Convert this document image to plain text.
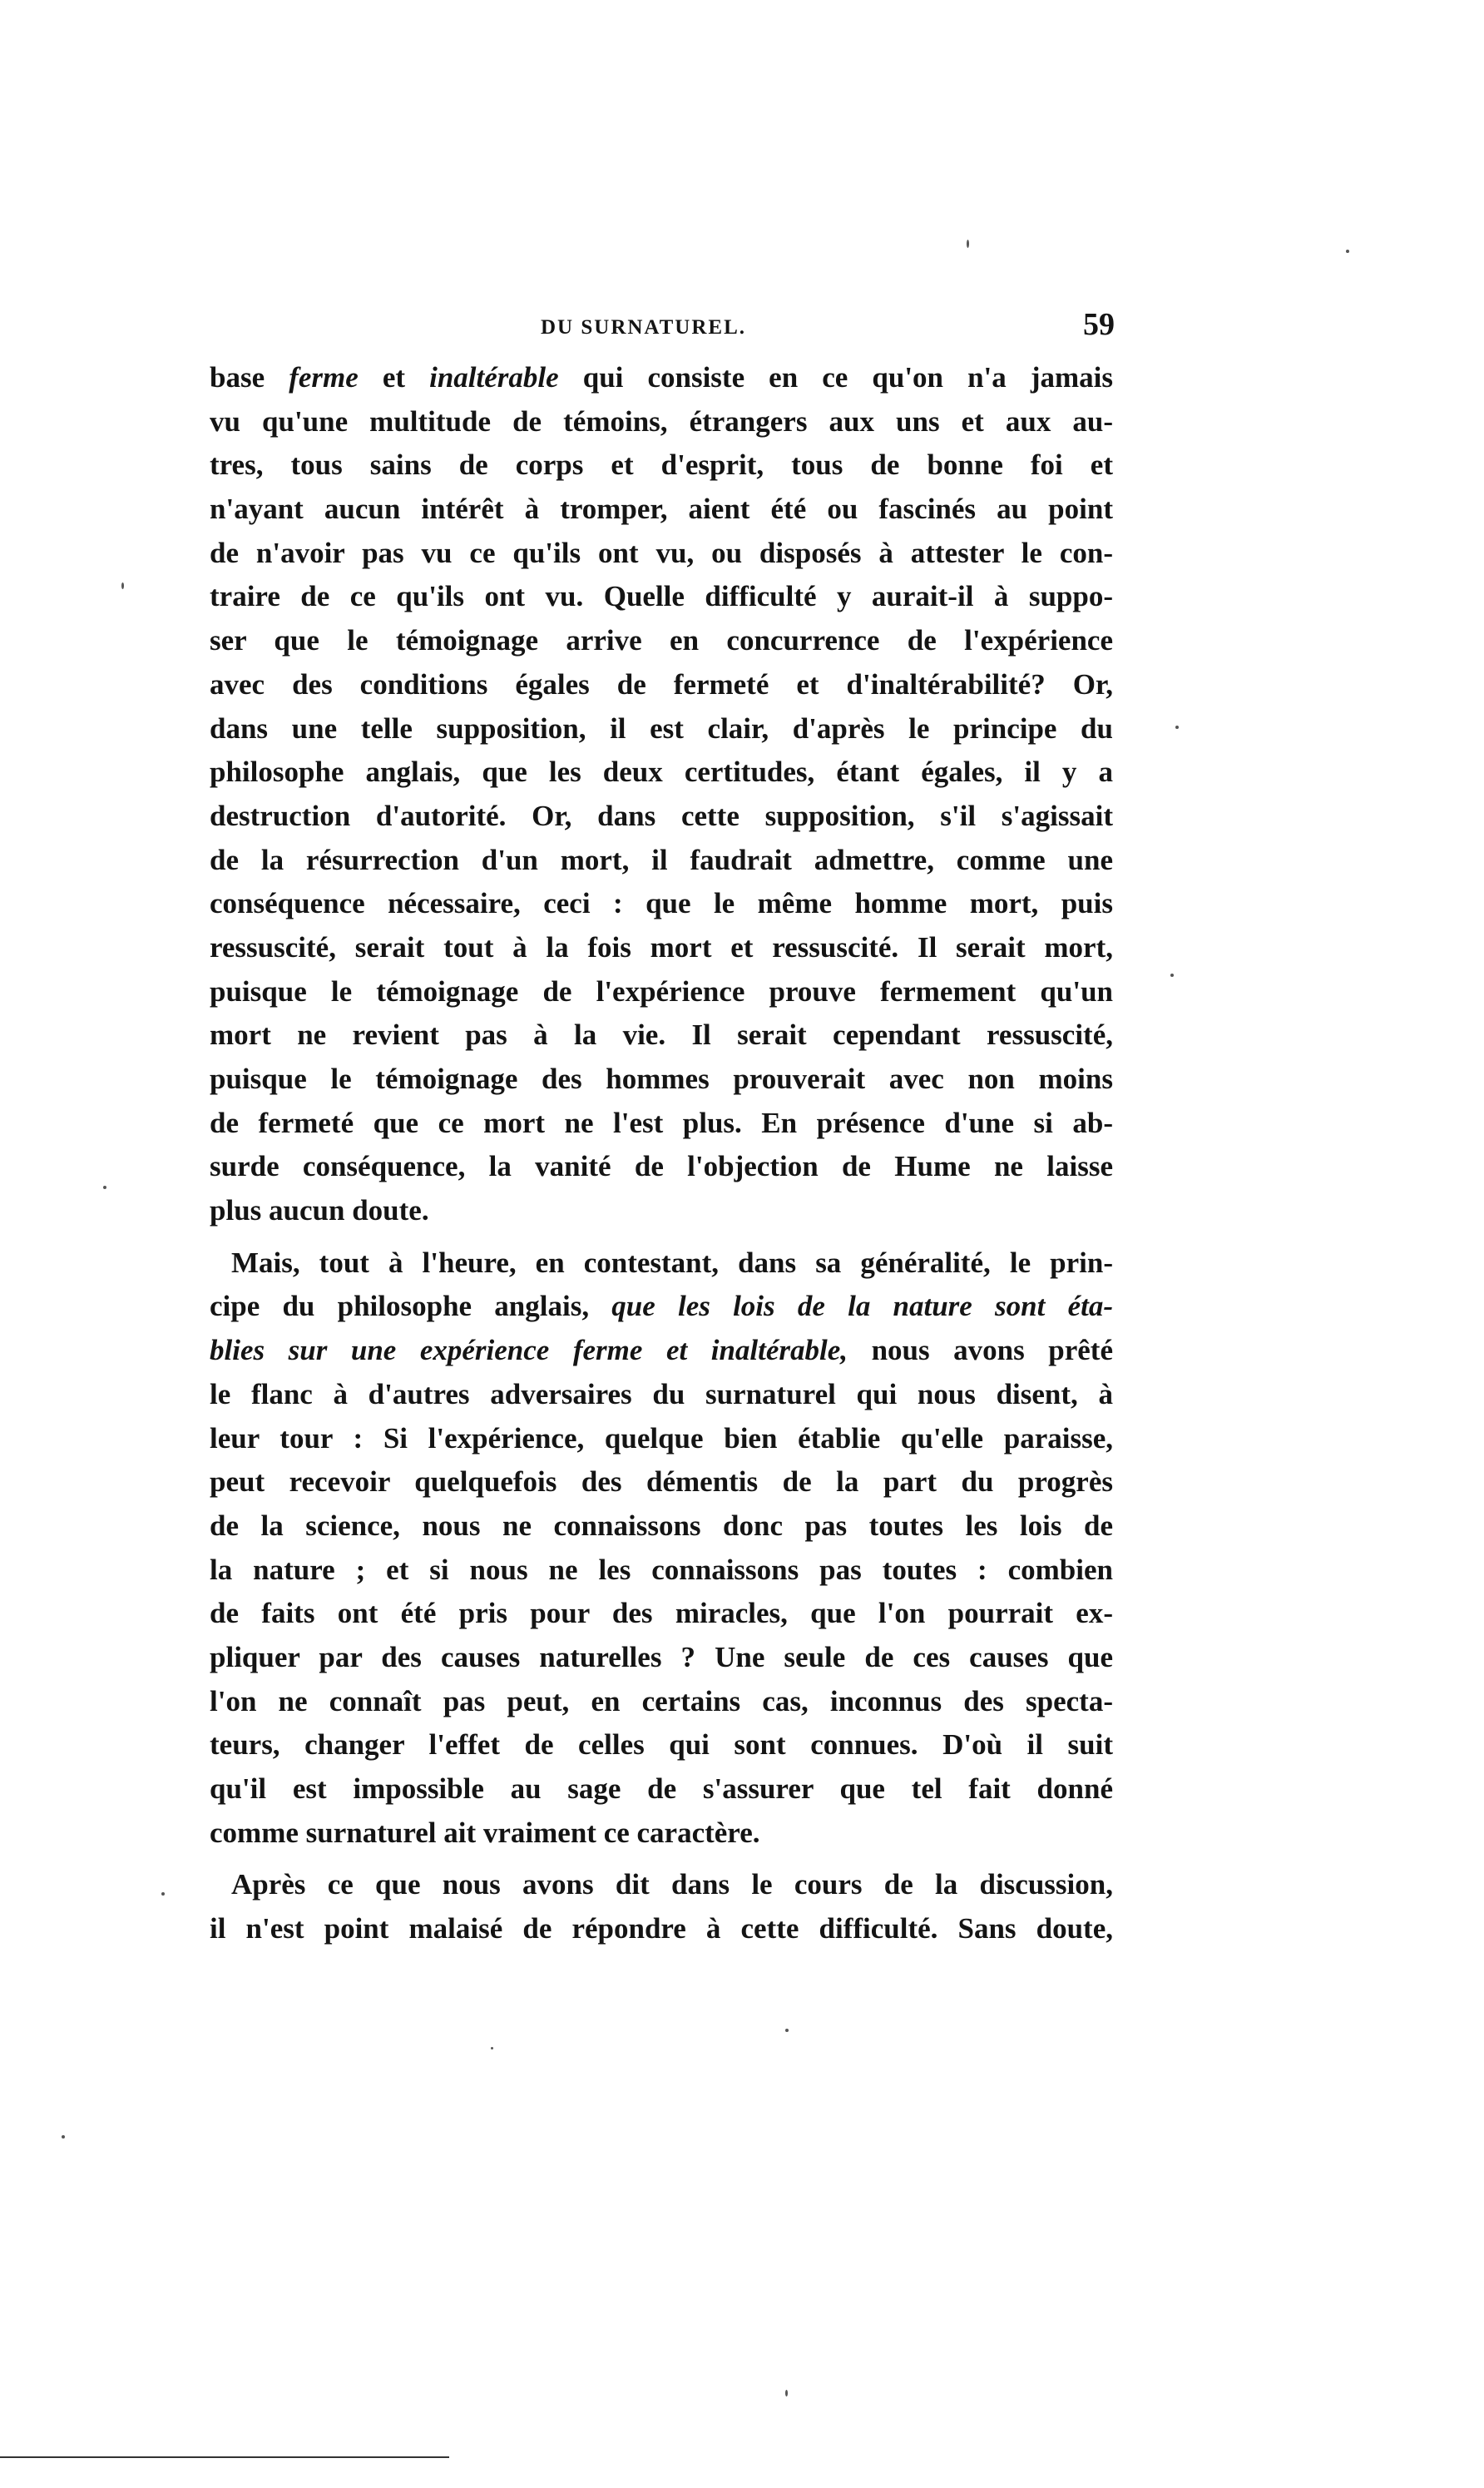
DU SURNATUREL.	59
base ferme et inaltérable qui consiste en ce qu'on n'a jamais
vu qu'une multitude de témoins, étrangers aux uns et aux au-
tres, tous sains de corps et d'esprit, tous de bonne foi et
n'ayant aucun intérêt à tromper, aient été ou fascinés au point
de n'avoir pas vu ce qu'ils ont vu, ou disposés à attester le con-
traire de ce qu'ils ont vu. Quelle difficulté y aurait-il à suppo-
ser que le témoignage arrive en concurrence de l'expérience
avec des conditions égales de fermeté et d'inaltérabilité? Or,
dans une telle supposition, il est clair, d'après le principe du
philosophe anglais, que les deux certitudes, étant égales, il y a
destruction d'autorité. Or, dans cette supposition, s'il s'agissait
de la résurrection d'un mort, il faudrait admettre, comme une
conséquence nécessaire, ceci : que le même homme mort, puis
ressuscité, serait tout à la fois mort et ressuscité. Il serait mort,
puisque le témoignage de l'expérience prouve fermement qu'un
mort ne revient pas à la vie. Il serait cependant ressuscité,
puisque le témoignage des hommes prouverait avec non moins
de fermeté que ce mort ne l'est plus. En présence d'une si ab-
surde conséquence, la vanité de l'objection de Hume ne laisse
plus aucun doute.
Mais, tout à l'heure, en contestant, dans sa généralité, le prin-
cipe du philosophe anglais, que les lois de la nature sont éta-
blies sur une expérience ferme et inaltérable, nous avons prêté
le flanc à d'autres adversaires du surnaturel qui nous disent, à
leur tour : Si l'expérience, quelque bien établie qu'elle paraisse,
peut recevoir quelquefois des démentis de la part du progrès
de la science, nous ne connaissons donc pas toutes les lois de
la nature ; et si nous ne les connaissons pas toutes : combien
de faits ont été pris pour des miracles, que l'on pourrait ex-
pliquer par des causes naturelles ? Une seule de ces causes que
l'on ne connaît pas peut, en certains cas, inconnus des specta-
teurs, changer l'effet de celles qui sont connues. D'où il suit
qu'il est impossible au sage de s'assurer que tel fait donné
comme surnaturel ait vraiment ce caractère.
Après ce que nous avons dit dans le cours de la discussion,
il n'est point malaisé de répondre à cette difficulté. Sans doute,
